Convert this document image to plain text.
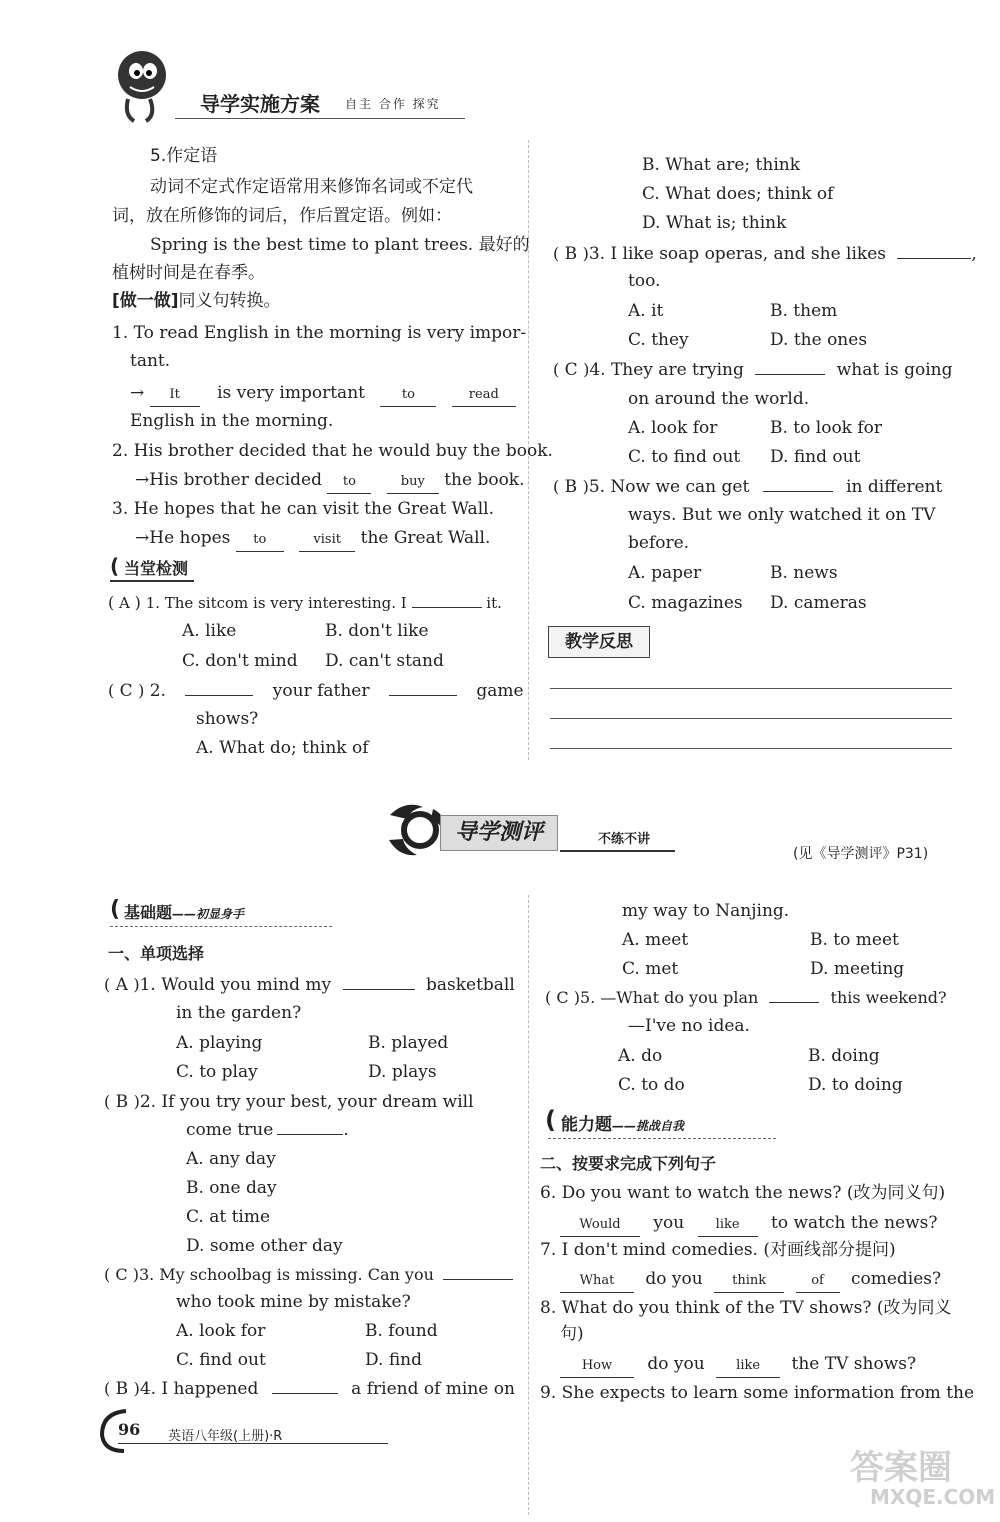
导学实施方案 自主 合作 探究
5.作定语
动词不定式作定语常用来修饰名词或不定代
词，放在所修饰的词后，作后置定语。例如：
Spring is the best time to plant trees. 最好的
植树时间是在春季。
[做一做]同义句转换。
1. To read English in the morning is very impor-
tant.
→ It is very important	to	read
English in the morning.
2. His brother decided that he would buy the book.
→His brother decided to	buy the book.
3. He hopes that he can visit the Great Wall.
→He hopes to	visit the Great Wall.
( 当堂检测
( A ) 1. The sitcom is very interesting. I	it.
A. like	B. don't like
C. don't mind D. can't stand
( C ) 2.	your father	game
shows?
A. What do; think of
B. What are; think
C. What does; think of
D. What is; think
( B )3. I like soap operas, and she likes	,
too.
A. it	B. them
C. they	D. the ones
( C )4. They are trying	what is going
on around the world.
A. look for	B. to look for
C. to find out D. find out
( B )5. Now we can get	in different
ways. But we only watched it on TV
before.
A. paper	B. news
C. magazines D. cameras
教学反思
导学测评	不练不讲
(见《导学测评》P31)
( 基础题——初显身手
一、单项选择
( A )1. Would you mind my	basketball
in the garden?
A. playing	B. played
C. to play	D. plays
( B )2. If you try your best, your dream will
come true	.
A. any day
B. one day
C. at time
D. some other day
( C )3. My schoolbag is missing. Can you
who took mine by mistake?
A. look for	B. found
C. find out	D. find
( B )4. I happened	a friend of mine on
my way to Nanjing.
A. meet	B. to meet
C. met	D. meeting
( C )5. —What do you plan	this weekend?
—I've no idea.
A. do	B. doing
C. to do	D. to doing
( 能力题——挑战自我
二、按要求完成下列句子
6. Do you want to watch the news? (改为同义句)
Would you like to watch the news?
7. I don't mind comedies. (对画线部分提问)
What do you think	of comedies?
8. What do you think of the TV shows? (改为同义
句)
How do you like the TV shows?
9. She expects to learn some information from the
96 英语八年级(上册)·R
答案圈
MXQE.COM
